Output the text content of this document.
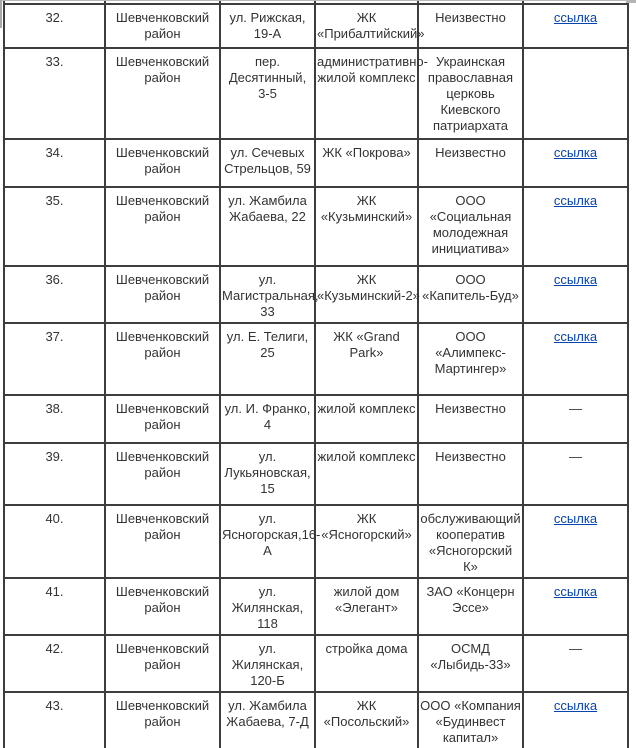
32.	Шевченковский район	ул. Рижская, 19-А	ЖК «Прибалтийский»	Неизвестно	ссылка
33.	Шевченковский район	пер. Десятинный, 3-5	административно-жилой комплекс	Украинская православная церковь Киевского патриархата	
34.	Шевченковский район	ул. Сечевых Стрельцов, 59	ЖК «Покрова»	Неизвестно	ссылка
35.	Шевченковский район	ул. Жамбила Жабаева, 22	ЖК «Кузьминский»	ООО «Социальная молодежная инициатива»	ссылка
36.	Шевченковский район	ул. Магистральная, 33	ЖК «Кузьминский-2»	ООО «Капитель-Буд»	ссылка
37.	Шевченковский район	ул. Е. Телиги, 25	ЖК «Grand Park»	ООО «Алимпекс-Мартингер»	ссылка
38.	Шевченковский район	ул. И. Франко, 4	жилой комплекс	Неизвестно	—
39.	Шевченковский район	ул. Лукьяновская, 15	жилой комплекс	Неизвестно	—
40.	Шевченковский район	ул. Ясногорская,16-А	ЖК «Ясногорский»	обслуживающий кооператив «Ясногорский К»	ссылка
41.	Шевченковский район	ул. Жилянская, 118	жилой дом «Элегант»	ЗАО «Концерн Эссе»	ссылка
42.	Шевченковский район	ул. Жилянская, 120-Б	стройка дома	ОСМД «Лыбидь-33»	—
43.	Шевченковский район	ул. Жамбила Жабаева, 7-Д	ЖК «Посольский»	ООО «Компания «Будинвест капитал»	ссылка
